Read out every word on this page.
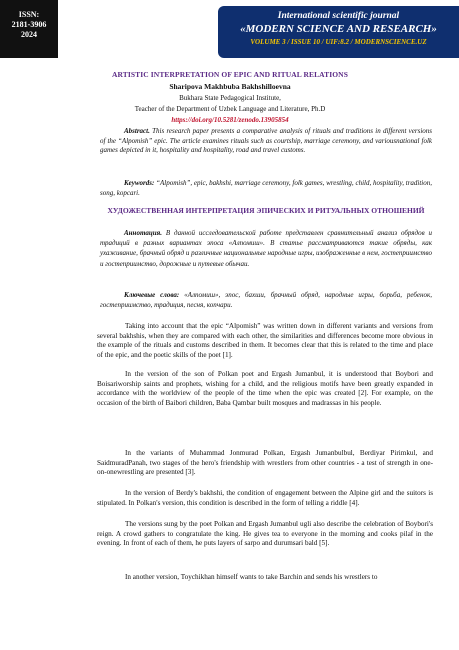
ISSN:
2181-3906
2024
International scientific journal
«MODERN SCIENCE AND RESEARCH»
VOLUME 3 / ISSUE 10 / UIF:8.2 / MODERNSCIENCE.UZ
ARTISTIC INTERPRETATION OF EPIC AND RITUAL RELATIONS
Sharipova Makhbuba Bakhshilloevna
Bukhara State Pedagogical Institute,
Teacher of the Department of Uzbek Language and Literature, Ph.D
https://doi.org/10.5281/zenodo.13905854
Abstract. This research paper presents a comparative analysis of rituals and traditions in different versions of the “Alpomish” epic. The article examines rituals such as courtship, marriage ceremony, and variousnational folk games depicted in it, hospitality and hospitality, road and travel customs.
Keywords: “Alpomish”, epic, bakhshi, marriage ceremony, folk games, wrestling, child, hospitality, tradition, song, kopcari.
ХУДОЖЕСТВЕННАЯ ИНТЕРПРЕТАЦИЯ ЭПИЧЕСКИХ И РИТУАЛЬНЫХ ОТНОШЕНИЙ
Аннотация. В данной исследовательской работе представлен сравнительный анализ обрядов и традиций в разных вариантах эпоса «Алпомиш». В статье рассматриваются такие обряды, как ухаживание, брачный обряд и различные национальные народные игры, изображенные в нем, гостеприимство и гостеприимство, дорожные и путевые обычаи.
Ключевые слова: «Алпомиш», эпос, бахши, брачный обряд, народные игры, борьба, ребенок, гостеприимство, традиция, песня, копчари.
Taking into account that the epic “Alpomish” was written down in different variants and versions from several bakhshis, when they are compared with each other, the similarities and differences become more obvious in the example of the rituals and customs described in them. It becomes clear that this is related to the time and place of the epic, and the poetic skills of the poet [1].
In the version of the son of Polkan poet and Ergash Jumanbul, it is understood that Boybori and Boisariworship saints and prophets, wishing for a child, and the religious motifs have been greatly expanded in accordance with the worldview of the people of the time when the epic was created [2]. For example, on the occasion of the birth of Baibori children, Baba Qambar built mosques and madrassas in his people.
In the variants of Muhammad Jonmurad Polkan, Ergash Jumanbulbul, Berdiyar Pirimkul, and SaidmuradPanah, two stages of the hero's friendship with wrestlers from other countries - a test of strength in one-on-onewrestling are presented [3].
In the version of Berdy's bakhshi, the condition of engagement between the Alpine girl and the suitors is stipulated. In Polkan's version, this condition is described in the form of telling a riddle [4].
The versions sung by the poet Polkan and Ergash Jumanbul ugli also describe the celebration of Boybori's reign. A crowd gathers to congratulate the king. He gives tea to everyone in the morning and cooks pilaf in the evening. In front of each of them, he puts layers of sarpo and durumsari bald [5].
In another version, Toychikhan himself wants to take Barchin and sends his wrestlers to
